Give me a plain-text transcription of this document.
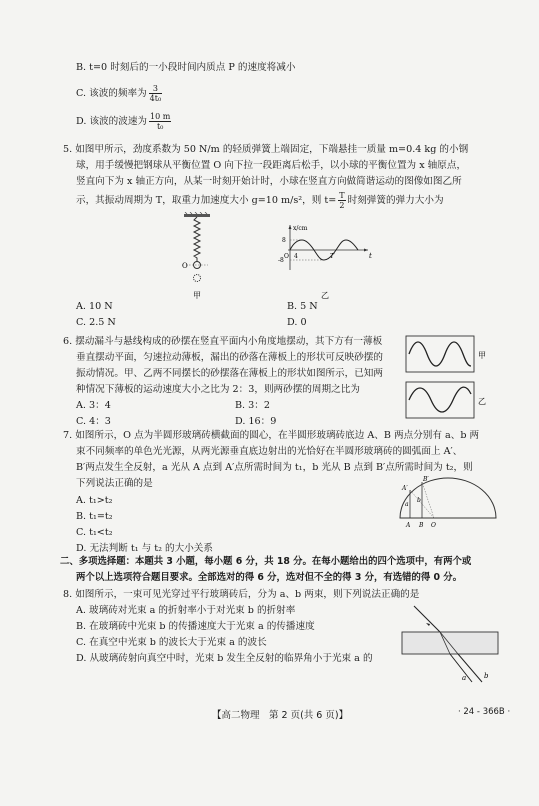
B. t=0 时刻后的一小段时间内质点 P 的速度将减小
C. 该波的频率为 $\frac{3}{\text{4t₀}}$
D. 该波的波速为 $\frac{10 m}{\text{t₀}}$
5. 如图甲所示，劲度系数为 50 N/m 的轻质弹簧上端固定，下端悬挂一质量 m=0.4 kg 的小钢
球，用手缓慢把钢球从平衡位置 O 向下拉一段距离后松手，以小球的平衡位置为 x 轴原点，
竖直向下为 x 轴正方向，从某一时刻开始计时，小球在竖直方向做简谐运动的图像如图乙所
示，其振动周期为 T，取重力加速度大小 g=10 m/s²，则 $t= \frac{T}{2}$ 时刻弹簧的弹力大小为
O
甲
x/cm
t
8
-8
O 4	T
乙
A. 10 N	B. 5 N
C. 2.5 N	D. 0
6. 摆动漏斗与悬线构成的砂摆在竖直平面内小角度地摆动，其下方有一薄板
垂直摆动平面，匀速拉动薄板，漏出的砂落在薄板上的形状可反映砂摆的
振动情况。甲、乙两不同摆长的砂摆落在薄板上的形状如图所示，已知两
种情况下薄板的运动速度大小之比为 2：3，则两砂摆的周期之比为
A. 3：4	B. 3：2
C. 4：3	D. 16：9
甲
乙
7. 如图所示，O 点为半圆形玻璃砖横截面的圆心，在半圆形玻璃砖底边 A、B 两点分别有 a、b 两
束不同频率的单色光光源，从两光源垂直底边射出的光恰好在半圆形玻璃砖的圆弧面上 A′、
B′两点发生全反射，a 光从 A 点到 A′点所需时间为 t₁，b 光从 B 点到 B′点所需时间为 t₂，则
下列说法正确的是
A. t₁>t₂
B. t₁=t₂
C. t₁<t₂
D. 无法判断 t₁ 与 t₂ 的大小关系
A′
B′
a
b
A B O
二、多项选择题：本题共 3 小题，每小题 6 分，共 18 分。在每小题给出的四个选项中，有两个或
两个以上选项符合题目要求。全部选对的得 6 分，选对但不全的得 3 分，有选错的得 0 分。
8. 如图所示，一束可见光穿过平行玻璃砖后，分为 a、b 两束，则下列说法正确的是
A. 玻璃砖对光束 a 的折射率小于对光束 b 的折射率
B. 在玻璃砖中光束 b 的传播速度大于光束 a 的传播速度
C. 在真空中光束 b 的波长大于光束 a 的波长
D. 从玻璃砖射向真空中时，光束 b 发生全反射的临界角小于光束 a 的
a	b
【高二物理　第 2 页(共 6 页)】	· 24 - 366B ·
